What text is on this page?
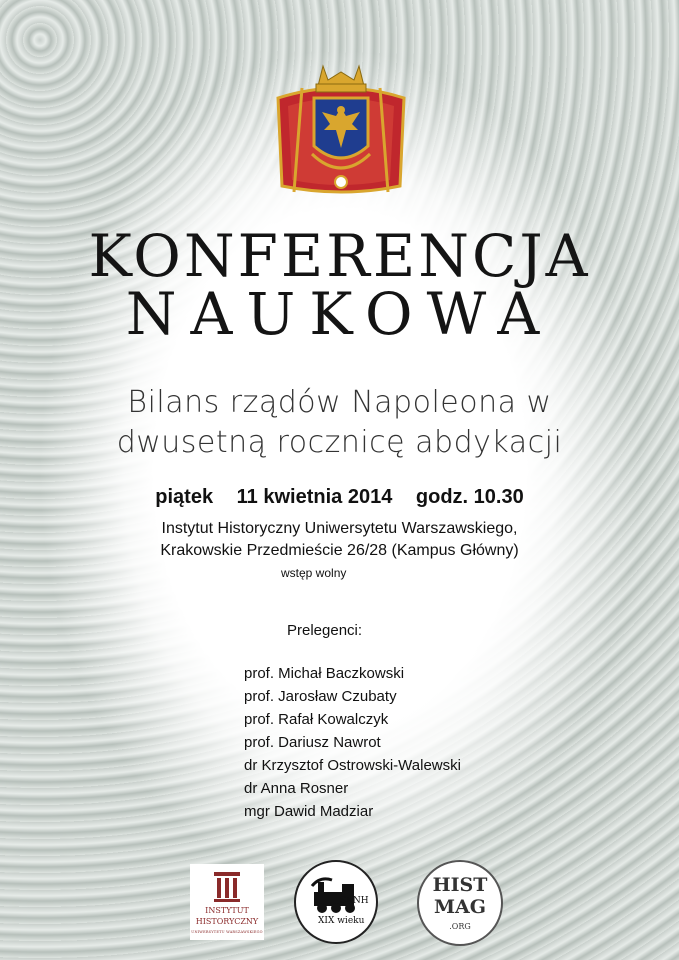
KONFERENCJA
NAUKOWA
Bilans rządów Napoleona w
dwusetną rocznicę abdykacji
piątek 11 kwietnia 2014 godz. 10.30
Instytut Historyczny Uniwersytetu Warszawskiego,
Krakowskie Przedmieście 26/28 (Kampus Główny)
wstęp wolny
Prelegenci:
prof. Michał Baczkowski
prof. Jarosław Czubaty
prof. Rafał Kowalczyk
prof. Dariusz Nawrot
dr Krzysztof Ostrowski-Walewski
dr Anna Rosner
mgr Dawid Madziar
INSTYTUT
HISTORYCZNY
UNIWERSYTETU WARSZAWSKIEGO
SKNH
XIX wieku
HIST
MAG
.ORG
